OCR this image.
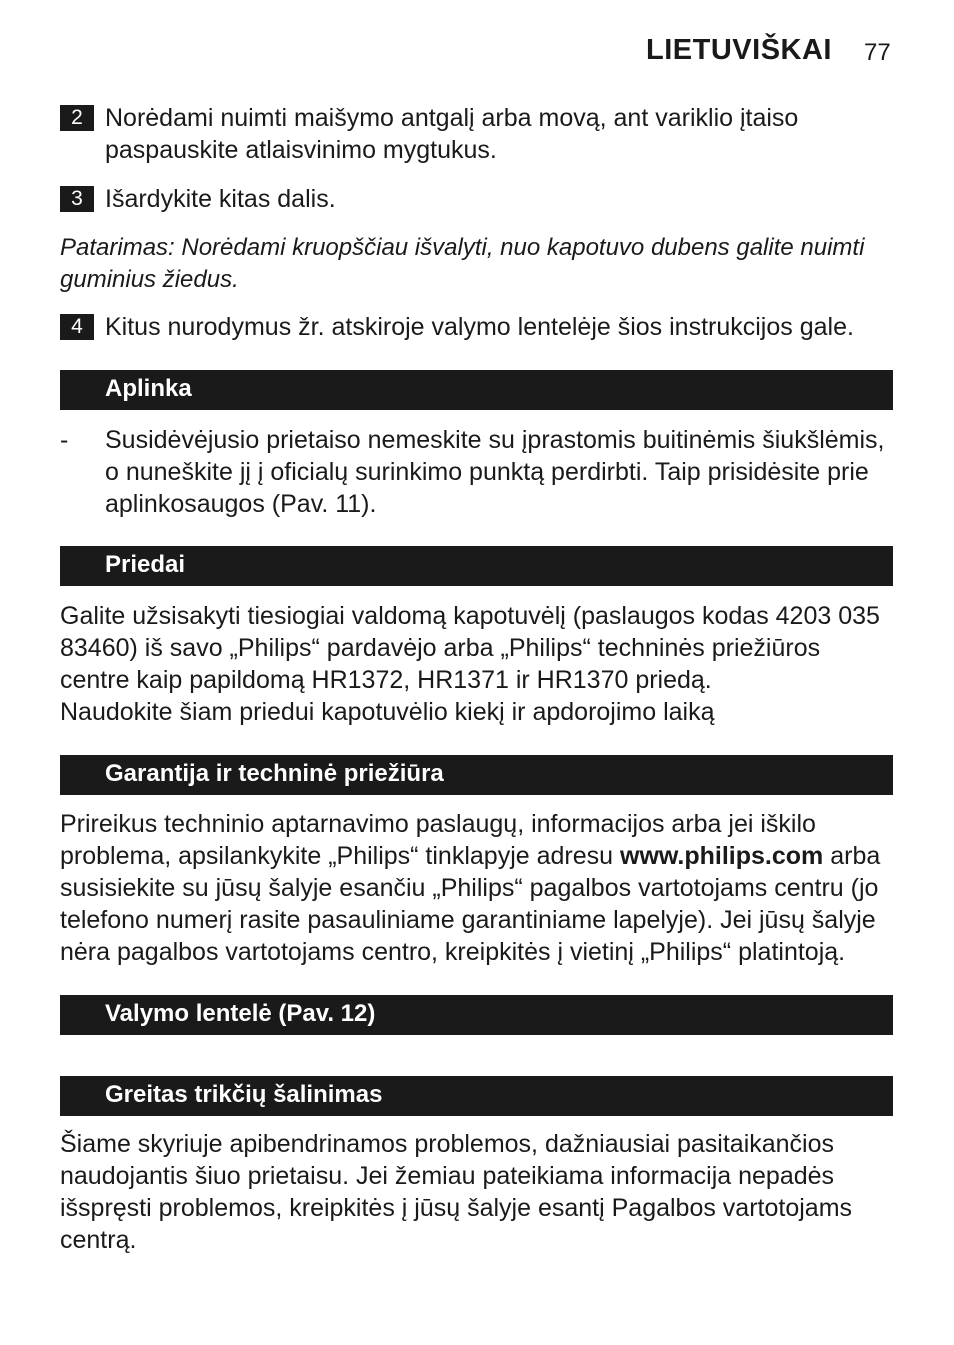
LIETUVIŠKAI 77
2 Norėdami nuimti maišymo antgalį arba movą, ant variklio įtaiso
paspauskite atlaisvinimo mygtukus.
3 Išardykite kitas dalis.
Patarimas: Norėdami kruopščiau išvalyti, nuo kapotuvo dubens galite nuimti
guminius žiedus.
4 Kitus nurodymus žr. atskiroje valymo lentelėje šios instrukcijos gale.
Aplinka
- Susidėvėjusio prietaiso nemeskite su įprastomis buitinėmis šiukšlėmis,
o nuneškite jį į oficialų surinkimo punktą perdirbti. Taip prisidėsite prie
aplinkosaugos (Pav. 11).
Priedai
Galite užsisakyti tiesiogiai valdomą kapotuvėlį (paslaugos kodas 4203 035
83460) iš savo „Philips“ pardavėjo arba „Philips“ techninės priežiūros
centre kaip papildomą HR1372, HR1371 ir HR1370 priedą.
Naudokite šiam priedui kapotuvėlio kiekį ir apdorojimo laiką
Garantija ir techninė priežiūra
Prireikus techninio aptarnavimo paslaugų, informacijos arba jei iškilo
problema, apsilankykite „Philips“ tinklapyje adresu www.philips.com arba
susisiekite su jūsų šalyje esančiu „Philips“ pagalbos vartotojams centru (jo
telefono numerį rasite pasauliniame garantiniame lapelyje). Jei jūsų šalyje
nėra pagalbos vartotojams centro, kreipkitės į vietinį „Philips“ platintoją.
Valymo lentelė (Pav. 12)
Greitas trikčių šalinimas
Šiame skyriuje apibendrinamos problemos, dažniausiai pasitaikančios
naudojantis šiuo prietaisu. Jei žemiau pateikiama informacija nepadės
išspręsti problemos, kreipkitės į jūsų šalyje esantį Pagalbos vartotojams
centrą.
